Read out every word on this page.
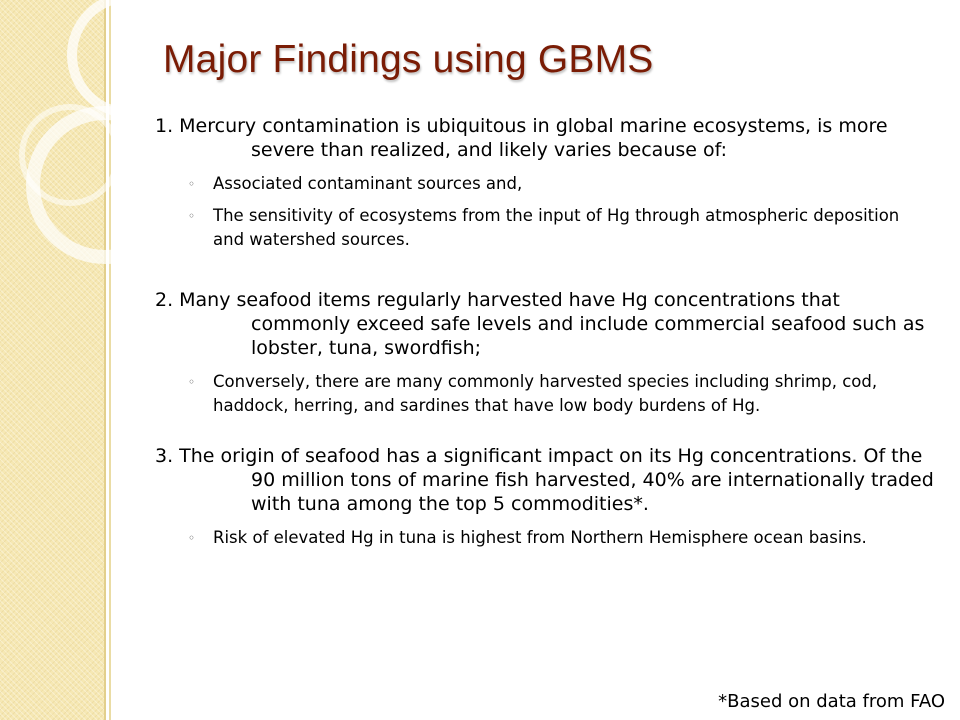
Major Findings using GBMS
1. Mercury contamination is ubiquitous in global marine ecosystems, is more severe than realized, and likely varies because of:
◦ Associated contaminant sources and,
◦ The sensitivity of ecosystems from the input of Hg through atmospheric deposition and watershed sources.
2. Many seafood items regularly harvested have Hg concentrations that commonly exceed safe levels and include commercial seafood such as lobster, tuna, swordfish;
◦ Conversely, there are many commonly harvested species including shrimp, cod, haddock, herring, and sardines that have low body burdens of Hg.
3. The origin of seafood has a significant impact on its Hg concentrations. Of the 90 million tons of marine fish harvested, 40% are internationally traded with tuna among the top 5 commodities*.
◦ Risk of elevated Hg in tuna is highest from Northern Hemisphere ocean basins.
*Based on data from FAO
